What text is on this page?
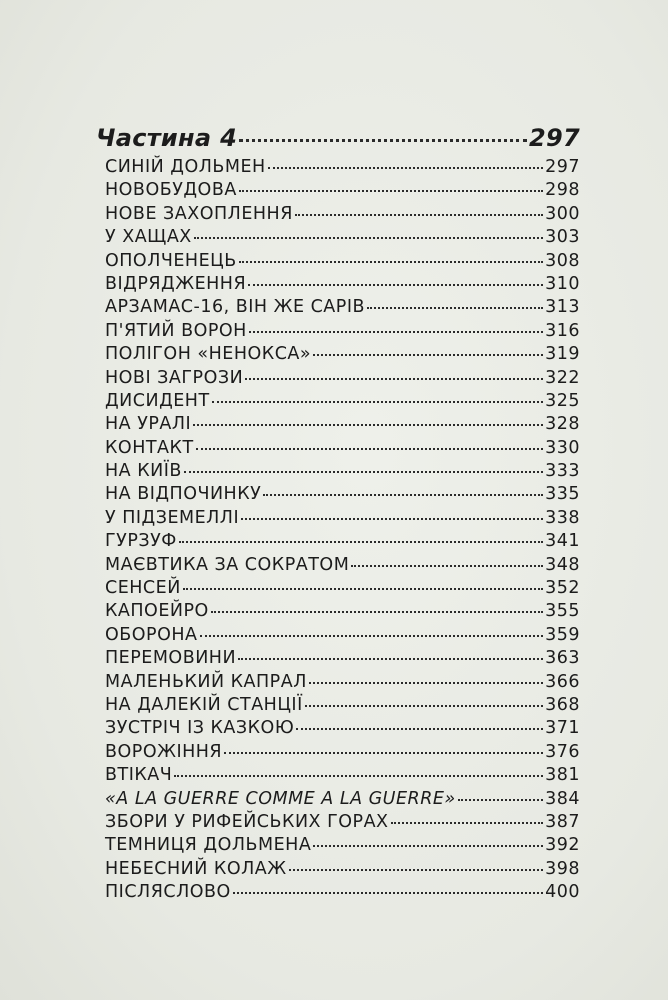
Частина 4	297
СИНІЙ ДОЛЬМЕН	297
НОВОБУДОВА	298
НОВЕ ЗАХОПЛЕННЯ	300
У ХАЩАХ	303
ОПОЛЧЕНЕЦЬ	308
ВІДРЯДЖЕННЯ	310
АРЗАМАС-16, ВІН ЖЕ САРІВ	313
П'ЯТИЙ ВОРОН	316
ПОЛІГОН «НЕНОКСА»	319
НОВІ ЗАГРОЗИ	322
ДИСИДЕНТ	325
НА УРАЛІ	328
КОНТАКТ	330
НА КИЇВ	333
НА ВІДПОЧИНКУ	335
У ПІДЗЕМЕЛЛІ	338
ГУРЗУФ	341
МАЄВТИКА ЗА СОКРАТОМ	348
СЕНСЕЙ	352
КАПОЕЙРО	355
ОБОРОНА	359
ПЕРЕМОВИНИ	363
МАЛЕНЬКИЙ КАПРАЛ	366
НА ДАЛЕКІЙ СТАНЦІЇ	368
ЗУСТРІЧ ІЗ КАЗКОЮ	371
ВОРОЖІННЯ	376
ВТІКАЧ	381
«A LA GUERRE COMME A LA GUERRE»	384
ЗБОРИ У РИФЕЙСЬКИХ ГОРАХ	387
ТЕМНИЦЯ ДОЛЬМЕНА	392
НЕБЕСНИЙ КОЛАЖ	398
ПІСЛЯСЛОВО	400
